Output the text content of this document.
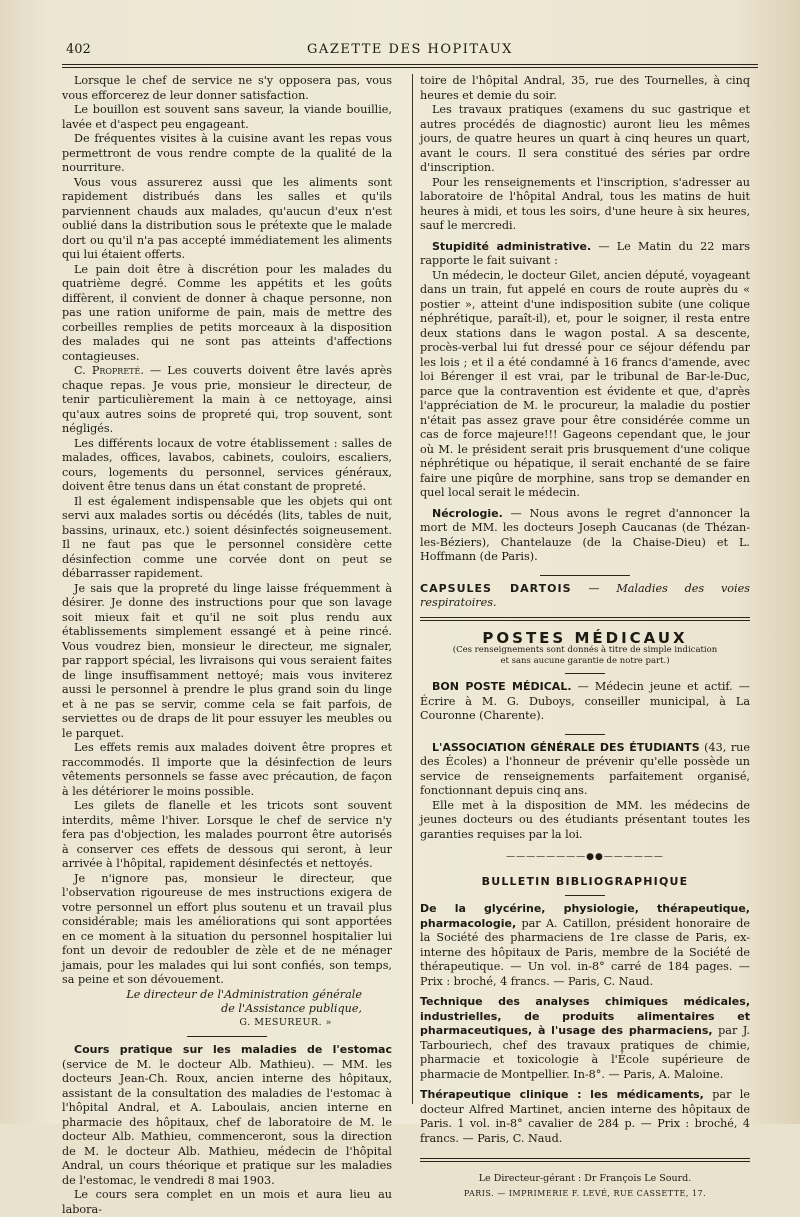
402	GAZETTE DES HOPITAUX

Lorsque le chef de service ne s'y opposera pas, vous vous efforcerez de leur donner satisfaction.

Le bouillon est souvent sans saveur, la viande bouillie, lavée et d'aspect peu engageant.

De fréquentes visites à la cuisine avant les repas vous permettront de vous rendre compte de la qualité de la nourriture.

Vous vous assurerez aussi que les aliments sont rapidement distribués dans les salles et qu'ils parviennent chauds aux malades, qu'aucun d'eux n'est oublié dans la distribution sous le prétexte que le malade dort ou qu'il n'a pas accepté immédiatement les aliments qui lui étaient offerts.

Le pain doit être à discrétion pour les malades du quatrième degré. Comme les appétits et les goûts diffèrent, il convient de donner à chaque personne, non pas une ration uniforme de pain, mais de mettre des corbeilles remplies de petits morceaux à la disposition des malades qui ne sont pas atteints d'affections contagieuses.

C. Propreté. — Les couverts doivent être lavés après chaque repas. Je vous prie, monsieur le directeur, de tenir particulièrement la main à ce nettoyage, ainsi qu'aux autres soins de propreté qui, trop souvent, sont négligés.

Les différents locaux de votre établissement : salles de malades, offices, lavabos, cabinets, couloirs, escaliers, cours, logements du personnel, services généraux, doivent être tenus dans un état constant de propreté.

Il est également indispensable que les objets qui ont servi aux malades sortis ou décédés (lits, tables de nuit, bassins, urinaux, etc.) soient désinfectés soigneusement. Il ne faut pas que le personnel considère cette désinfection comme une corvée dont on peut se débarrasser rapidement.

Je sais que la propreté du linge laisse fréquemment à désirer. Je donne des instructions pour que son lavage soit mieux fait et qu'il ne soit plus rendu aux établissements simplement essangé et à peine rincé. Vous voudrez bien, monsieur le directeur, me signaler, par rapport spécial, les livraisons qui vous seraient faites de linge insuffisamment nettoyé; mais vous inviterez aussi le personnel à prendre le plus grand soin du linge et à ne pas se servir, comme cela se fait parfois, de serviettes ou de draps de lit pour essuyer les meubles ou le parquet.

Les effets remis aux malades doivent être propres et raccommodés. Il importe que la désinfection de leurs vêtements personnels se fasse avec précaution, de façon à les détériorer le moins possible.

Les gilets de flanelle et les tricots sont souvent interdits, même l'hiver. Lorsque le chef de service n'y fera pas d'objection, les malades pourront être autorisés à conserver ces effets de dessous qui seront, à leur arrivée à l'hôpital, rapidement désinfectés et nettoyés.

Je n'ignore pas, monsieur le directeur, que l'observation rigoureuse de mes instructions exigera de votre personnel un effort plus soutenu et un travail plus considérable; mais les améliorations qui sont apportées en ce moment à la situation du personnel hospitalier lui font un devoir de redoubler de zèle et de ne ménager jamais, pour les malades qui lui sont confiés, son temps, sa peine et son dévouement.

Le directeur de l'Administration générale
de l'Assistance publique,
G. MESUREUR. »

Cours pratique sur les maladies de l'estomac (service de M. le docteur Alb. Mathieu). — MM. les docteurs Jean-Ch. Roux, ancien interne des hôpitaux, assistant de la consultation des maladies de l'estomac à l'hôpital Andral, et A. Laboulais, ancien interne en pharmacie des hôpitaux, chef de laboratoire de M. le docteur Alb. Mathieu, commenceront, sous la direction de M. le docteur Alb. Mathieu, médecin de l'hôpital Andral, un cours théorique et pratique sur les maladies de l'estomac, le vendredi 8 mai 1903.

Le cours sera complet en un mois et aura lieu au labora-

toire de l'hôpital Andral, 35, rue des Tournelles, à cinq heures et demie du soir.

Les travaux pratiques (examens du suc gastrique et autres procédés de diagnostic) auront lieu les mêmes jours, de quatre heures un quart à cinq heures un quart, avant le cours. Il sera constitué des séries par ordre d'inscription.

Pour les renseignements et l'inscription, s'adresser au laboratoire de l'hôpital Andral, tous les matins de huit heures à midi, et tous les soirs, d'une heure à six heures, sauf le mercredi.

Stupidité administrative. — Le Matin du 22 mars rapporte le fait suivant :

Un médecin, le docteur Gilet, ancien député, voyageant dans un train, fut appelé en cours de route auprès du « postier », atteint d'une indisposition subite (une colique néphrétique, paraît-il), et, pour le soigner, il resta entre deux stations dans le wagon postal. A sa descente, procès-verbal lui fut dressé pour ce séjour défendu par les lois ; et il a été condamné à 16 francs d'amende, avec loi Bérenger il est vrai, par le tribunal de Bar-le-Duc, parce que la contravention est évidente et que, d'après l'appréciation de M. le procureur, la maladie du postier n'était pas assez grave pour être considérée comme un cas de force majeure!!! Gageons cependant que, le jour où M. le président serait pris brusquement d'une colique néphrétique ou hépatique, il serait enchanté de se faire faire une piqûre de morphine, sans trop se demander en quel local serait le médecin.

Nécrologie. — Nous avons le regret d'annoncer la mort de MM. les docteurs Joseph Caucanas (de Thézan-les-Béziers), Chantelauze (de la Chaise-Dieu) et L. Hoffmann (de Paris).

CAPSULES DARTOIS — Maladies des voies respiratoires.

POSTES MÉDICAUX
(Ces renseignements sont donnés à titre de simple indication
et sans aucune garantie de notre part.)

BON POSTE MÉDICAL. — Médecin jeune et actif. — Écrire à M. G. Duboys, conseiller municipal, à La Couronne (Charente).

L'ASSOCIATION GÉNÉRALE DES ÉTUDIANTS (43, rue des Écoles) a l'honneur de prévenir qu'elle possède un service de renseignements parfaitement organisé, fonctionnant depuis cinq ans.

Elle met à la disposition de MM. les médecins de jeunes docteurs ou des étudiants présentant toutes les garanties requises par la loi.

————————●●——————
BULLETIN BIBLIOGRAPHIQUE

De la glycérine, physiologie, thérapeutique, pharmacologie, par A. Catillon, président honoraire de la Société des pharmaciens de 1re classe de Paris, ex-interne des hôpitaux de Paris, membre de la Société de thérapeutique. — Un vol. in-8° carré de 184 pages. — Prix : broché, 4 francs. — Paris, C. Naud.

Technique des analyses chimiques médicales, industrielles, de produits alimentaires et pharmaceutiques, à l'usage des pharmaciens, par J. Tarbouriech, chef des travaux pratiques de chimie, pharmacie et toxicologie à l'École supérieure de pharmacie de Montpellier. In-8°. — Paris, A. Maloine.

Thérapeutique clinique : les médicaments, par le docteur Alfred Martinet, ancien interne des hôpitaux de Paris. 1 vol. in-8° cavalier de 284 p. — Prix : broché, 4 francs. — Paris, C. Naud.

Le Directeur-gérant : Dr François Le Sourd.
PARIS. — IMPRIMERIE F. LEVÉ, RUE CASSETTE, 17.
